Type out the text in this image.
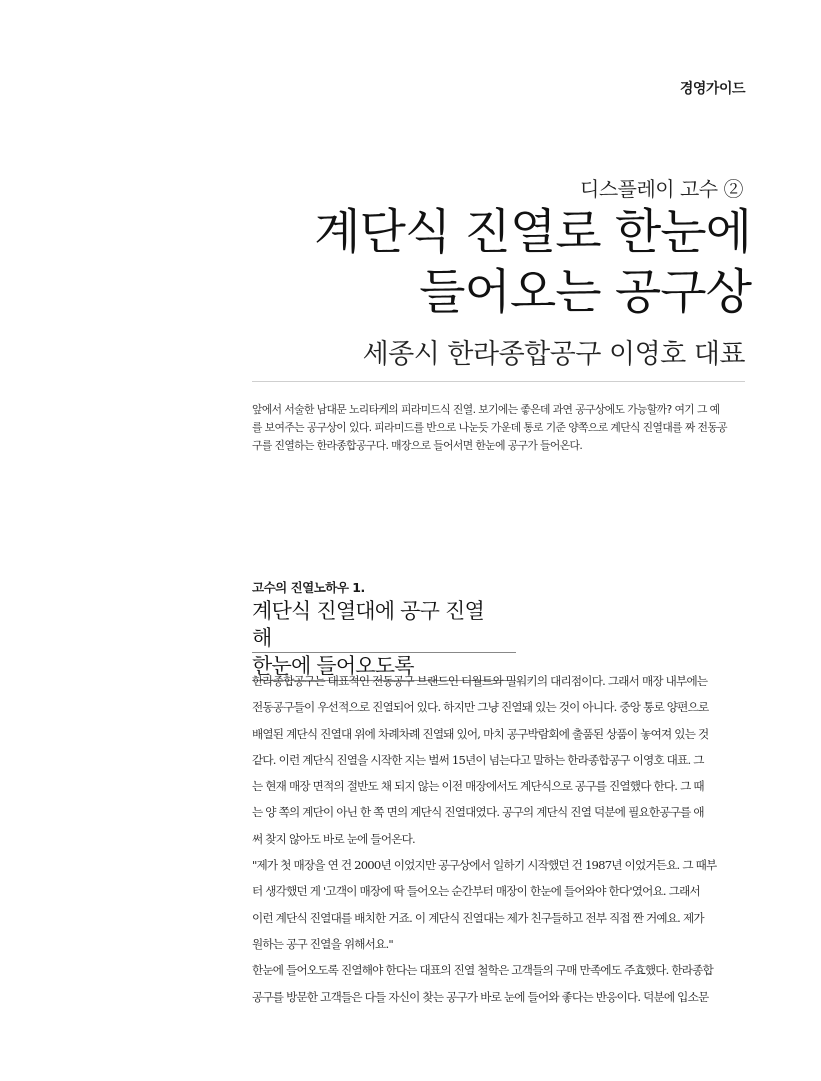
경영가이드
디스플레이 고수 ②
계단식 진열로 한눈에
들어오는 공구상
세종시 한라종합공구 이영호 대표
앞에서 서술한 남대문 노리타케의 피라미드식 진열. 보기에는 좋은데 과연 공구상에도 가능할까? 여기 그 예
를 보여주는 공구상이 있다. 피라미드를 반으로 나눈듯 가운데 통로 기준 양쪽으로 계단식 진열대를 짜 전동공
구를 진열하는 한라종합공구다. 매장으로 들어서면 한눈에 공구가 들어온다.
고수의 진열노하우 1.
계단식 진열대에 공구 진열해
한눈에 들어오도록

한라종합공구는 대표적인 전동공구 브랜드인 디월트와 밀워키의 대리점이다. 그래서 매장 내부에는
전동공구들이 우선적으로 진열되어 있다. 하지만 그냥 진열돼 있는 것이 아니다. 중앙 통로 양편으로
배열된 계단식 진열대 위에 차례차례 진열돼 있어, 마치 공구박람회에 출품된 상품이 놓여져 있는 것
같다. 이런 계단식 진열을 시작한 지는 벌써 15년이 넘는다고 말하는 한라종합공구 이영호 대표. 그
는 현재 매장 면적의 절반도 채 되지 않는 이전 매장에서도 계단식으로 공구를 진열했다 한다. 그 때
는 양 쪽의 계단이 아닌 한 쪽 면의 계단식 진열대였다. 공구의 계단식 진열 덕분에 필요한공구를 애
써 찾지 않아도 바로 눈에 들어온다.

"제가 첫 매장을 연 건 2000년 이었지만 공구상에서 일하기 시작했던 건 1987년 이었거든요. 그 때부
터 생각했던 게 '고객이 매장에 딱 들어오는 순간부터 매장이 한눈에 들어와야 한다'였어요. 그래서
이런 계단식 진열대를 배치한 거죠. 이 계단식 진열대는 제가 친구들하고 전부 직접 짠 거예요. 제가
원하는 공구 진열을 위해서요."

한눈에 들어오도록 진열해야 한다는 대표의 진열 철학은 고객들의 구매 만족에도 주효했다. 한라종합
공구를 방문한 고객들은 다들 자신이 찾는 공구가 바로 눈에 들어와 좋다는 반응이다. 덕분에 입소문
